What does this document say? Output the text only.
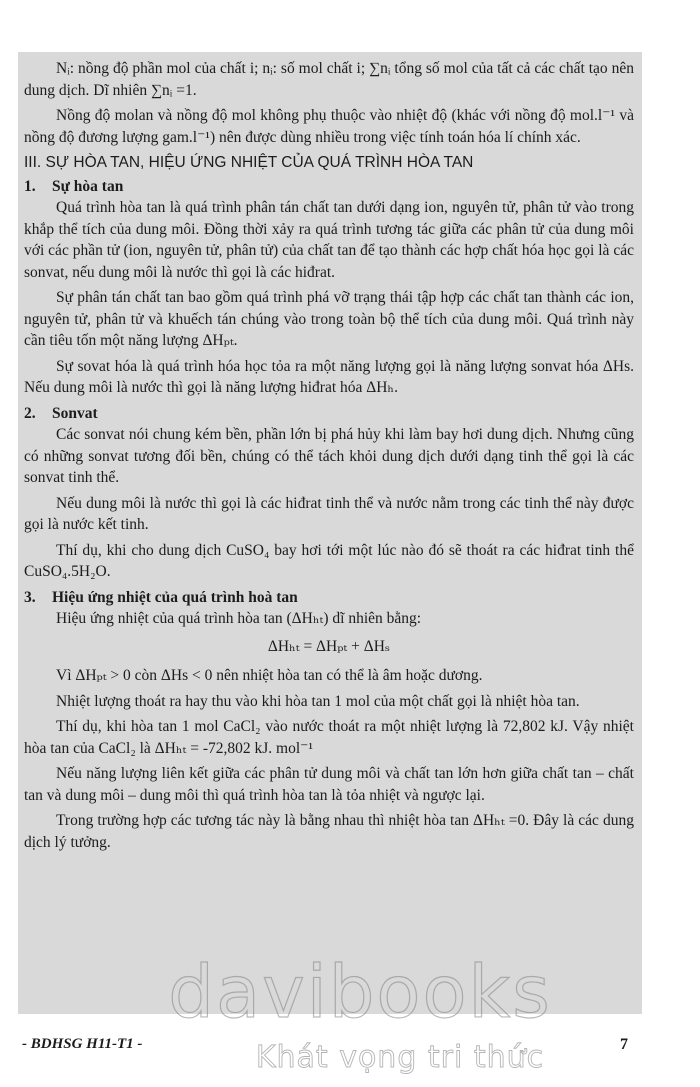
Nᵢ: nồng độ phần mol của chất i; nᵢ: số mol chất i; ∑nᵢ tổng số mol của tất cả các chất tạo nên dung dịch. Dĩ nhiên ∑nᵢ =1.

Nồng độ molan và nồng độ mol không phụ thuộc vào nhiệt độ (khác với nồng độ mol.l⁻¹ và nồng độ đương lượng gam.l⁻¹) nên được dùng nhiều trong việc tính toán hóa lí chính xác.

III. SỰ HÒA TAN, HIỆU ỨNG NHIỆT CỦA QUÁ TRÌNH HÒA TAN
1. Sự hòa tan

Quá trình hòa tan là quá trình phân tán chất tan dưới dạng ion, nguyên tử, phân tử vào trong khắp thể tích của dung môi. Đồng thời xảy ra quá trình tương tác giữa các phân tử của dung môi với các phần tử (ion, nguyên tử, phân tử) của chất tan để tạo thành các hợp chất hóa học gọi là các sonvat, nếu dung môi là nước thì gọi là các hiđrat.

Sự phân tán chất tan bao gồm quá trình phá vỡ trạng thái tập hợp các chất tan thành các ion, nguyên tử, phân tử và khuếch tán chúng vào trong toàn bộ thể tích của dung môi. Quá trình này cần tiêu tốn một năng lượng ΔHₚₜ.

Sự sovat hóa là quá trình hóa học tỏa ra một năng lượng gọi là năng lượng sonvat hóa ΔHs. Nếu dung môi là nước thì gọi là năng lượng hiđrat hóa ΔHₕ.

2. Sonvat

Các sonvat nói chung kém bền, phần lớn bị phá hủy khi làm bay hơi dung dịch. Nhưng cũng có những sonvat tương đối bền, chúng có thể tách khỏi dung dịch dưới dạng tinh thể gọi là các sonvat tinh thể.

Nếu dung môi là nước thì gọi là các hiđrat tinh thể và nước nằm trong các tinh thể này được gọi là nước kết tinh.

Thí dụ, khi cho dung dịch CuSO₄ bay hơi tới một lúc nào đó sẽ thoát ra các hiđrat tinh thể CuSO₄.5H₂O.

3. Hiệu ứng nhiệt của quá trình hoà tan

Hiệu ứng nhiệt của quá trình hòa tan (ΔHₕₜ) dĩ nhiên bằng:

ΔHₕₜ = ΔHₚₜ + ΔHₛ

Vì ΔHₚₜ > 0 còn ΔHs < 0 nên nhiệt hòa tan có thể là âm hoặc dương.

Nhiệt lượng thoát ra hay thu vào khi hòa tan 1 mol của một chất gọi là nhiệt hòa tan.

Thí dụ, khi hòa tan 1 mol CaCl₂ vào nước thoát ra một nhiệt lượng là 72,802 kJ. Vậy nhiệt hòa tan của CaCl₂ là ΔHₕₜ = -72,802 kJ. mol⁻¹

Nếu năng lượng liên kết giữa các phân tử dung môi và chất tan lớn hơn giữa chất tan – chất tan và dung môi – dung môi thì quá trình hòa tan là tỏa nhiệt và ngược lại.

Trong trường hợp các tương tác này là bằng nhau thì nhiệt hòa tan ΔHₕₜ =0. Đây là các dung dịch lý tưởng.

davibooks
- BDHSG H11-T1 -	7
Khát vọng tri thức
